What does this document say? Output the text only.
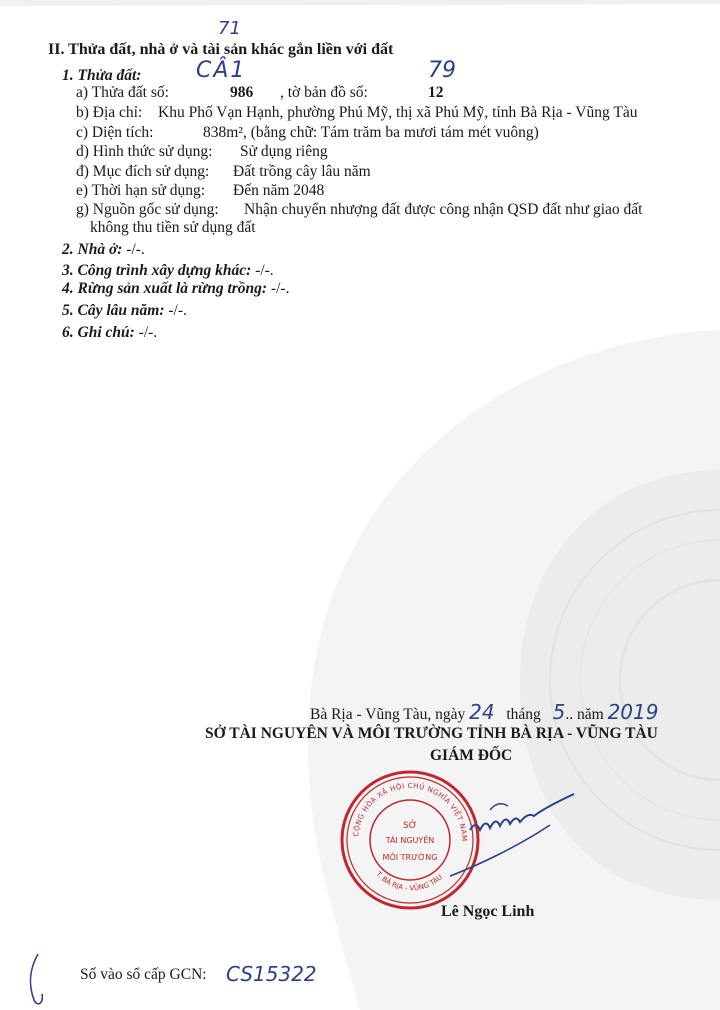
II. Thửa đất, nhà ở và tài sản khác gắn liền với đất
1. Thửa đất:
a) Thửa đất số:	986 , tờ bản đồ số:	12
b) Địa chỉ: Khu Phố Vạn Hạnh, phường Phú Mỹ, thị xã Phú Mỹ, tỉnh Bà Rịa - Vũng Tàu
c) Diện tích:	838m², (bằng chữ: Tám trăm ba mươi tám mét vuông)
d) Hình thức sử dụng: Sử dụng riêng
đ) Mục đích sử dụng: Đất trồng cây lâu năm
e) Thời hạn sử dụng: Đến năm 2048
g) Nguồn gốc sử dụng: Nhận chuyển nhượng đất được công nhận QSD đất như giao đất
không thu tiền sử dụng đất
2. Nhà ở: -/-.
3. Công trình xây dựng khác: -/-.
4. Rừng sản xuất là rừng trồng: -/-.
5. Cây lâu năm: -/-.
6. Ghi chú: -/-.
71
CÂ1	79
Bà Rịa - Vũng Tàu, ngày 24 tháng 5.. năm 2019
SỞ TÀI NGUYÊN VÀ MÔI TRƯỜNG TỈNH BÀ RỊA - VŨNG TÀU
GIÁM ĐỐC
CỘNG HÒA XÃ HỘI CHỦ NGHĨA VIỆT NAM
T. BÀ RỊA - VŨNG TÀU
SỞ
TÀI NGUYÊN
MÔI TRƯỜNG
Lê Ngọc Linh
Số vào sổ cấp GCN: CS15322
